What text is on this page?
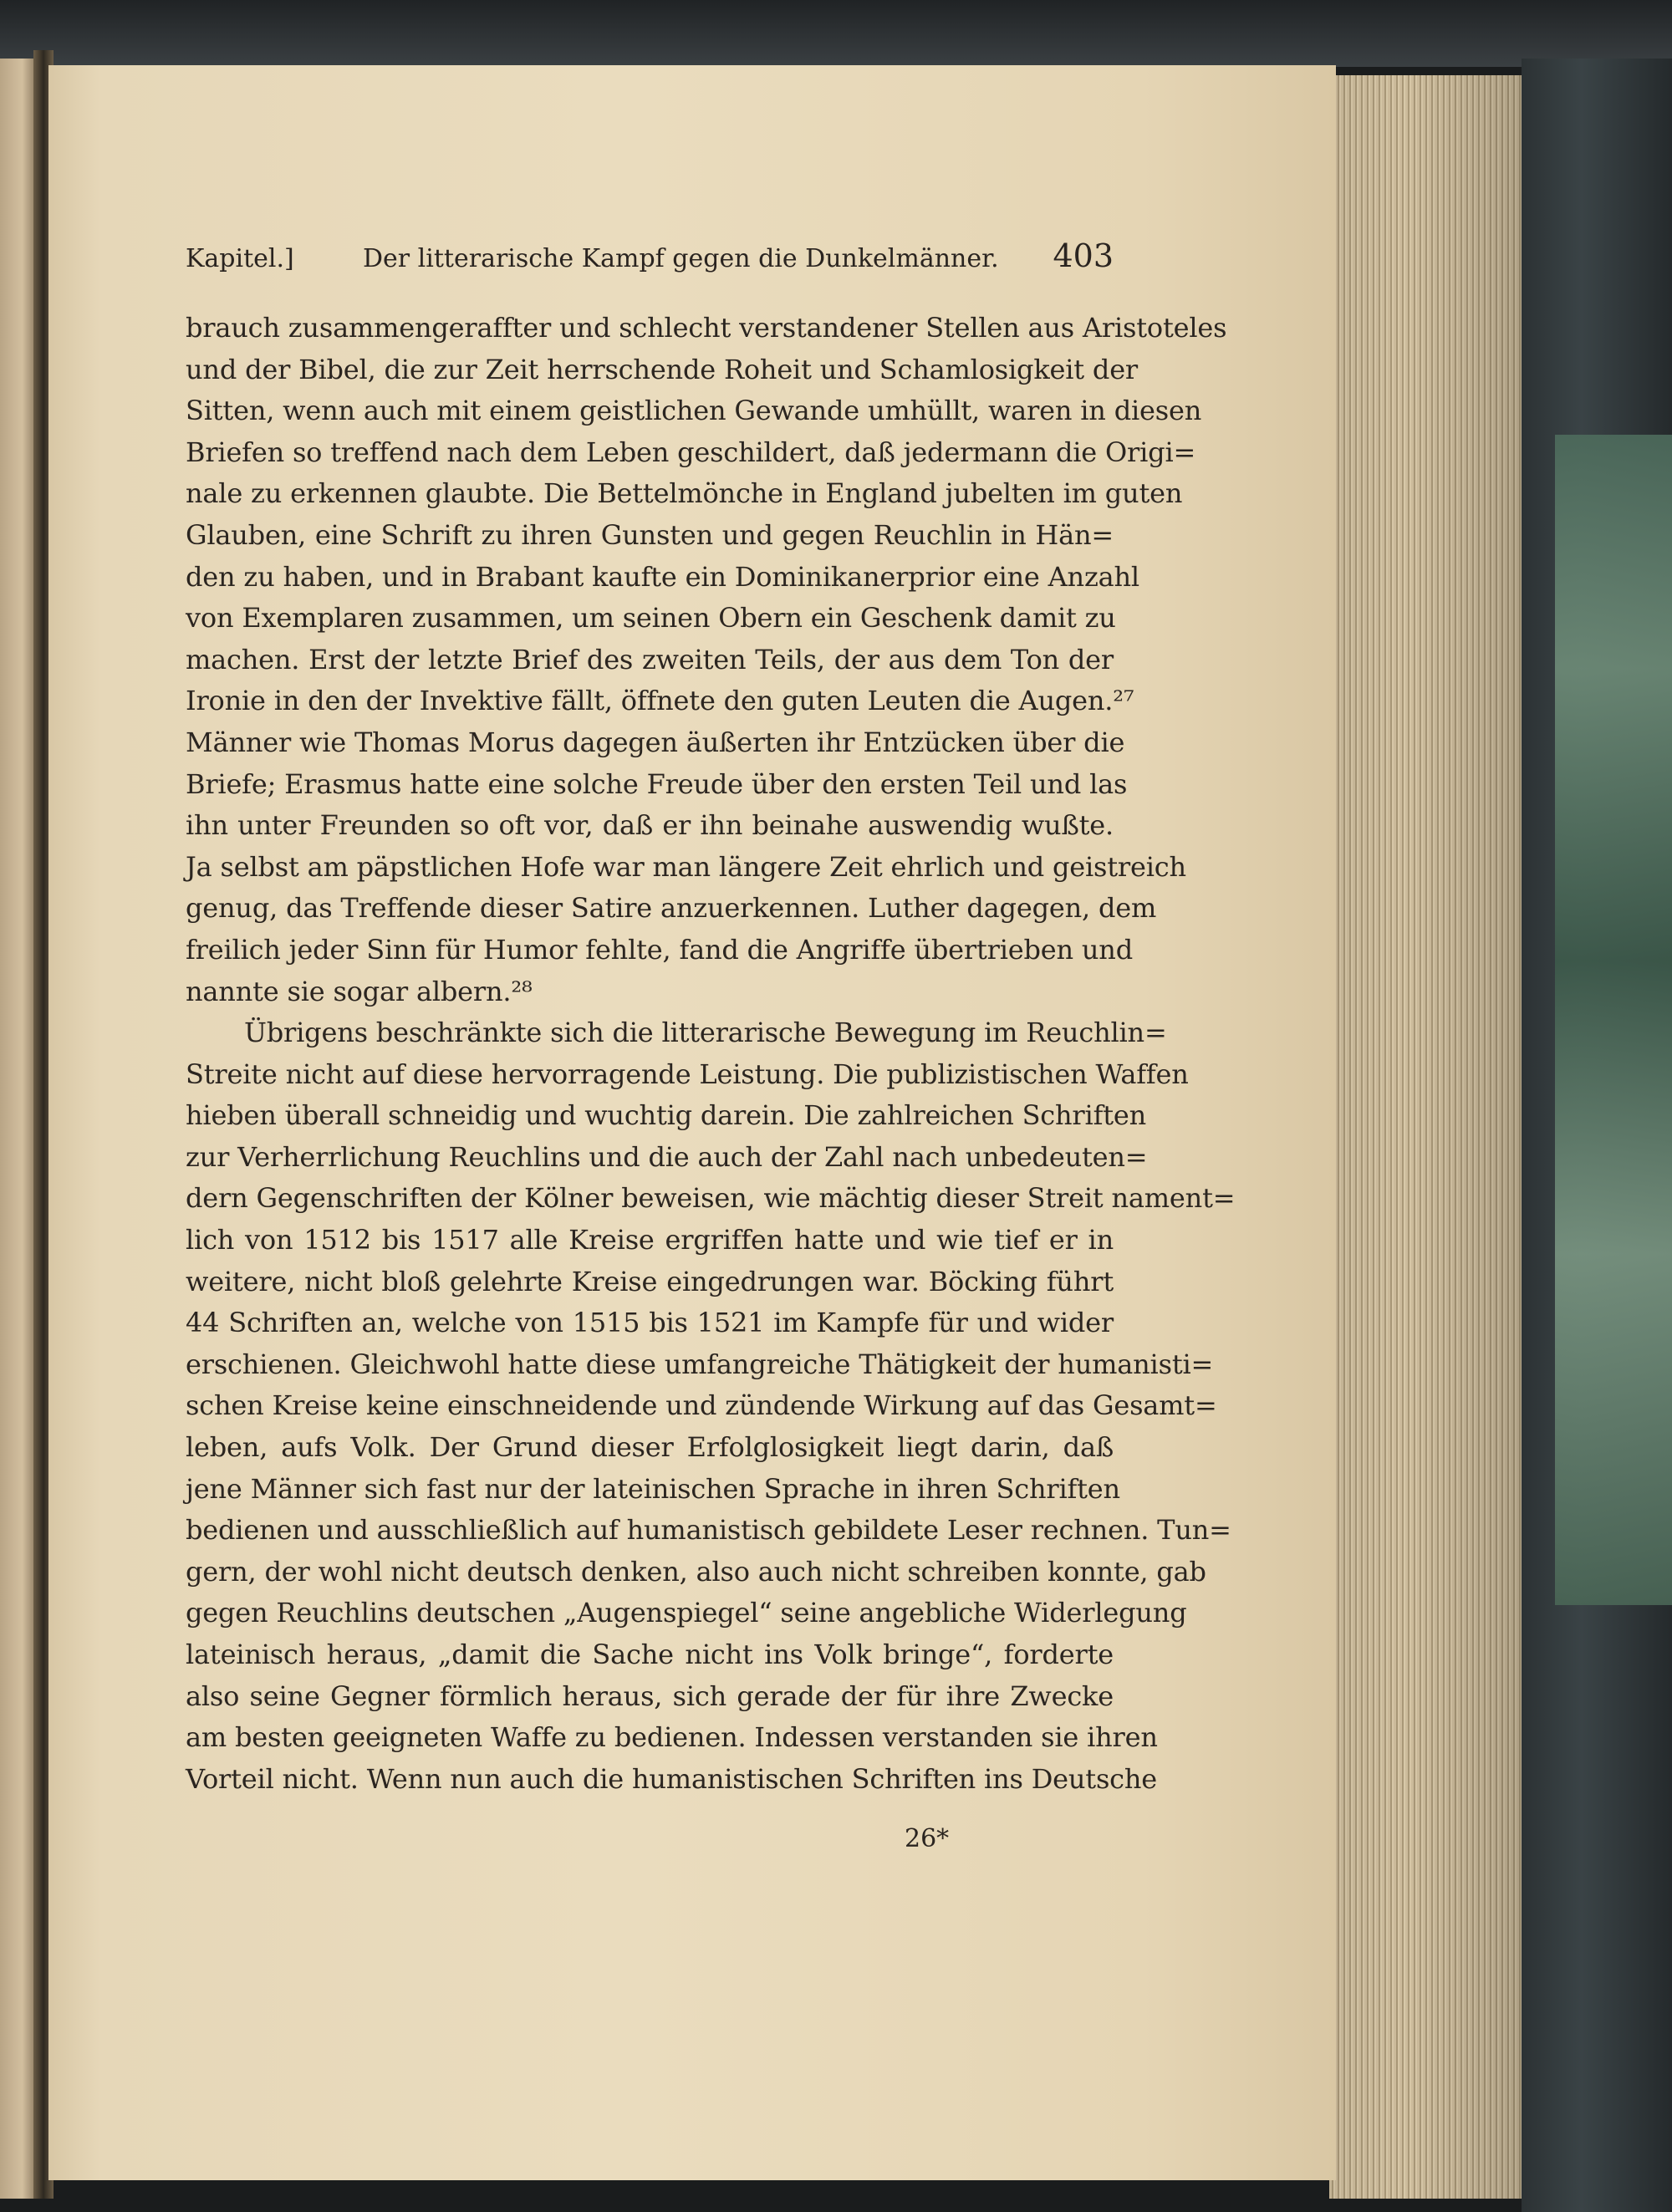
Kapitel.]	Der litterarische Kampf gegen die Dunkelmänner. 403
brauch zusammengeraffter und schlecht verstandener Stellen aus Aristoteles
und der Bibel, die zur Zeit herrschende Roheit und Schamlosigkeit der
Sitten, wenn auch mit einem geistlichen Gewande umhüllt, waren in diesen
Briefen so treffend nach dem Leben geschildert, daß jedermann die Origi=
nale zu erkennen glaubte. Die Bettelmönche in England jubelten im guten
Glauben, eine Schrift zu ihren Gunsten und gegen Reuchlin in Hän=
den zu haben, und in Brabant kaufte ein Dominikanerprior eine Anzahl
von Exemplaren zusammen, um seinen Obern ein Geschenk damit zu
machen. Erst der letzte Brief des zweiten Teils, der aus dem Ton der
Ironie in den der Invektive fällt, öffnete den guten Leuten die Augen.²⁷
Männer wie Thomas Morus dagegen äußerten ihr Entzücken über die
Briefe; Erasmus hatte eine solche Freude über den ersten Teil und las
ihn unter Freunden so oft vor, daß er ihn beinahe auswendig wußte.
Ja selbst am päpstlichen Hofe war man längere Zeit ehrlich und geistreich
genug, das Treffende dieser Satire anzuerkennen. Luther dagegen, dem
freilich jeder Sinn für Humor fehlte, fand die Angriffe übertrieben und
nannte sie sogar albern.²⁸
Übrigens beschränkte sich die litterarische Bewegung im Reuchlin=
Streite nicht auf diese hervorragende Leistung. Die publizistischen Waffen
hieben überall schneidig und wuchtig darein. Die zahlreichen Schriften
zur Verherrlichung Reuchlins und die auch der Zahl nach unbedeuten=
dern Gegenschriften der Kölner beweisen, wie mächtig dieser Streit nament=
lich von 1512 bis 1517 alle Kreise ergriffen hatte und wie tief er in
weitere, nicht bloß gelehrte Kreise eingedrungen war. Böcking führt
44 Schriften an, welche von 1515 bis 1521 im Kampfe für und wider
erschienen. Gleichwohl hatte diese umfangreiche Thätigkeit der humanisti=
schen Kreise keine einschneidende und zündende Wirkung auf das Gesamt=
leben, aufs Volk. Der Grund dieser Erfolglosigkeit liegt darin, daß
jene Männer sich fast nur der lateinischen Sprache in ihren Schriften
bedienen und ausschließlich auf humanistisch gebildete Leser rechnen. Tun=
gern, der wohl nicht deutsch denken, also auch nicht schreiben konnte, gab
gegen Reuchlins deutschen „Augenspiegel“ seine angebliche Widerlegung
lateinisch heraus, „damit die Sache nicht ins Volk bringe“, forderte
also seine Gegner förmlich heraus, sich gerade der für ihre Zwecke
am besten geeigneten Waffe zu bedienen. Indessen verstanden sie ihren
Vorteil nicht. Wenn nun auch die humanistischen Schriften ins Deutsche
26*
